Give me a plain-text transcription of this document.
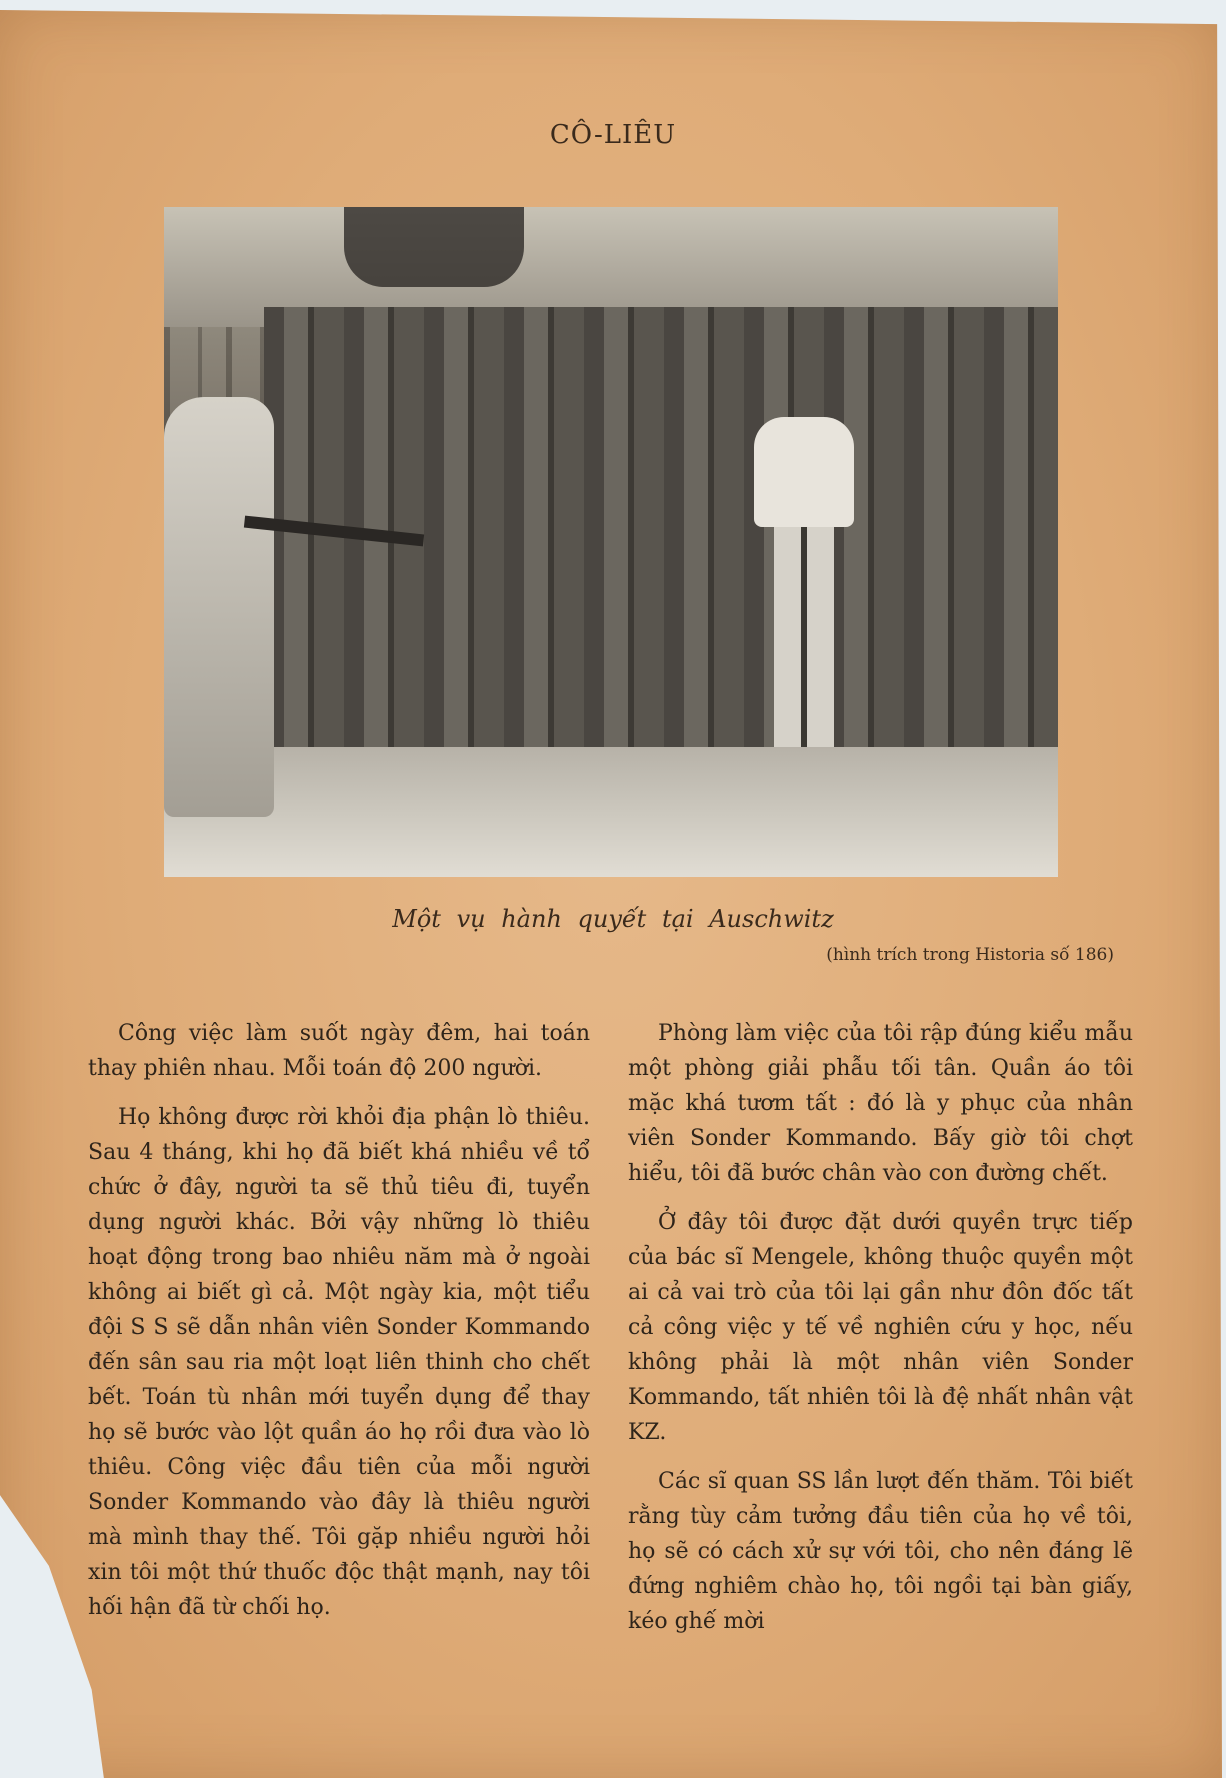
CÔ-LIÊU
Một vụ hành quyết tại Auschwitz
(hình trích trong Historia số 186)

Công việc làm suốt ngày đêm, hai toán thay phiên nhau. Mỗi toán độ 200 người.

Họ không được rời khỏi địa phận lò thiêu. Sau 4 tháng, khi họ đã biết khá nhiều về tổ chức ở đây, người ta sẽ thủ tiêu đi, tuyển dụng người khác. Bởi vậy những lò thiêu hoạt động trong bao nhiêu năm mà ở ngoài không ai biết gì cả. Một ngày kia, một tiểu đội S S sẽ dẫn nhân viên Sonder Kommando đến sân sau ria một loạt liên thinh cho chết bết. Toán tù nhân mới tuyển dụng để thay họ sẽ bước vào lột quần áo họ rồi đưa vào lò thiêu. Công việc đầu tiên của mỗi người Sonder Kommando vào đây là thiêu người mà mình thay thế. Tôi gặp nhiều người hỏi xin tôi một thứ thuốc độc thật mạnh, nay tôi hối hận đã từ chối họ.

Phòng làm việc của tôi rập đúng kiểu mẫu một phòng giải phẫu tối tân. Quần áo tôi mặc khá tươm tất : đó là y phục của nhân viên Sonder Kommando. Bấy giờ tôi chợt hiểu, tôi đã bước chân vào con đường chết.

Ở đây tôi được đặt dưới quyền trực tiếp của bác sĩ Mengele, không thuộc quyền một ai cả vai trò của tôi lại gần như đôn đốc tất cả công việc y tế về nghiên cứu y học, nếu không phải là một nhân viên Sonder Kommando, tất nhiên tôi là đệ nhất nhân vật KZ.

Các sĩ quan SS lần lượt đến thăm. Tôi biết rằng tùy cảm tưởng đầu tiên của họ về tôi, họ sẽ có cách xử sự với tôi, cho nên đáng lẽ đứng nghiêm chào họ, tôi ngồi tại bàn giấy, kéo ghế mời
